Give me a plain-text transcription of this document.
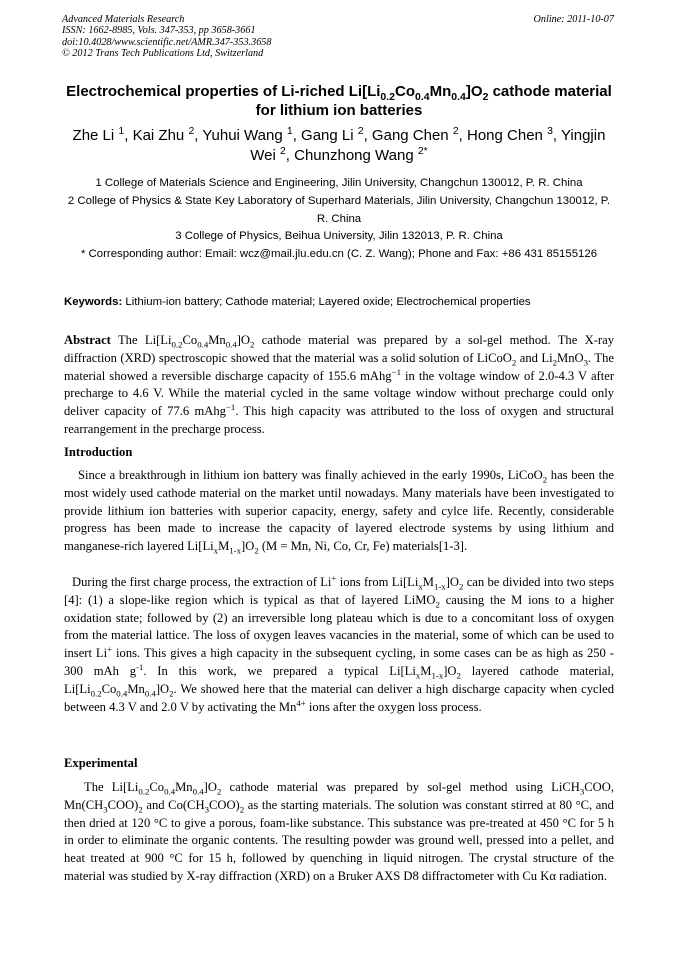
Advanced Materials Research
ISSN: 1662-8985, Vols. 347-353, pp 3658-3661
doi:10.4028/www.scientific.net/AMR.347-353.3658
© 2012 Trans Tech Publications Ltd, Switzerland
Online: 2011-10-07
Electrochemical properties of Li-riched $Li[Li_{0.2}Co_{0.4}Mn_{0.4}]O_2$ cathode material for lithium ion batteries
Zhe Li $^1$, Kai Zhu $^2$, Yuhui Wang $^1$, Gang Li $^2$, Gang Chen $^2$, Hong Chen $^3$, Yingjin Wei $^2$, Chunzhong Wang $^{2*}$
1 College of Materials Science and Engineering, Jilin University, Changchun 130012, P. R. China
2 College of Physics & State Key Laboratory of Superhard Materials, Jilin University, Changchun 130012, P. R. China
3 College of Physics, Beihua University, Jilin 132013, P. R. China
* Corresponding author: Email: wcz@mail.jlu.edu.cn (C. Z. Wang); Phone and Fax: +86 431 85155126
Keywords: Lithium-ion battery; Cathode material; Layered oxide; Electrochemical properties

Abstract The $Li[Li_{0.2}Co_{0.4}Mn_{0.4}]O_2$ cathode material was prepared by a sol-gel method. The X-ray diffraction (XRD) spectroscopic showed that the material was a solid solution of LiCoO$_2$ and $Li_2MnO_3$. The material showed a reversible discharge capacity of 155.6 mAhg$^{-1}$ in the voltage window of 2.0-4.3 V after precharge to 4.6 V. While the material cycled in the same voltage window without precharge could only deliver capacity of 77.6 mAhg$^{-1}$. This high capacity was attributed to the loss of oxygen and structural rearrangement in the precharge process.

Introduction

Since a breakthrough in lithium ion battery was finally achieved in the early 1990s, LiCoO$_2$ has been the most widely used cathode material on the market until nowadays. Many materials have been investigated to provide lithium ion batteries with superior capacity, energy, safety and cylce life. Recently, considerable progress has been made to increase the capacity of layered electrode systems by using lithium and manganese-rich layered $Li[Li_xM_{1-x}]O_2$ (M = Mn, Ni, Co, Cr, Fe) materials[1-3].

During the first charge process, the extraction of Li+ ions from $Li[Li_xM_{1-x}]O_2$ can be divided into two steps [4]: (1) a slope-like region which is typical as that of layered LiMO$_2$ causing the M ions to a higher oxidation state; followed by (2) an irreversible long plateau which is due to a concomitant loss of oxygen from the material lattice. The loss of oxygen leaves vacancies in the material, some of which can be used to insert Li+ ions. This gives a high capacity in the subsequent cycling, in some cases can be as high as 250 - 300 mAh $g^{-1}$. In this work, we prepared a typical $Li[Li_xM_{1-x}]O_2$ layered cathode material, $Li[Li_{0.2}Co_{0.4}Mn_{0.4}]O_2$. We showed here that the material can deliver a high discharge capacity when cycled between 4.3 V and 2.0 V by activating the $Mn^{4+}$ ions after the oxygen loss process.

Experimental

The $Li[Li_{0.2}Co_{0.4}Mn_{0.4}]O_2$ cathode material was prepared by sol-gel method using LiCH$_3$COO, $Mn(CH_3COO)_2$ and $Co(CH_3COO)_2$ as the starting materials. The solution was constant stirred at 80 °C, and then dried at 120 °C to give a porous, foam-like substance. This substance was pre-treated at 450 °C for 5 h in order to eliminate the organic contents. The resulting powder was ground well, pressed into a pellet, and heat treated at 900 °C for 15 h, followed by quenching in liquid nitrogen. The crystal structure of the material was studied by X-ray diffraction (XRD) on a Bruker AXS D8 diffractometer with Cu Kα radiation.
